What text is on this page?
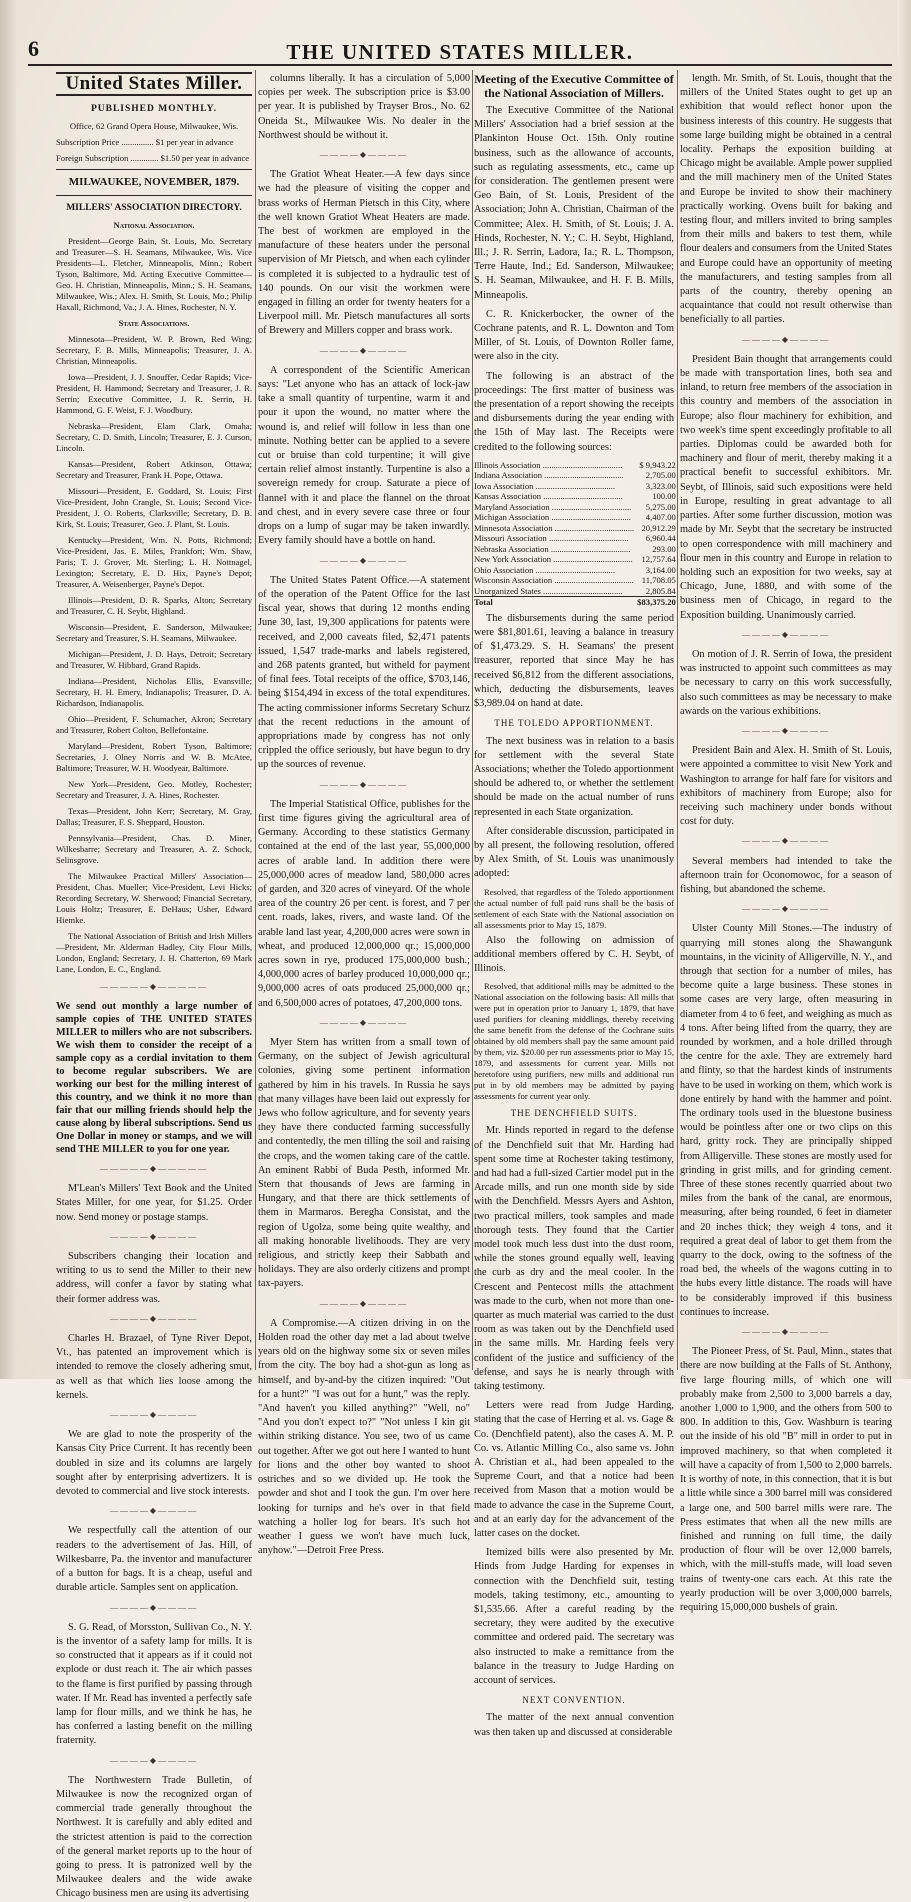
6	THE UNITED STATES MILLER.
United States Miller.

PUBLISHED MONTHLY.

Office, 62 Grand Opera House, Milwaukee, Wis.

Subscription Price ............... $1 per year in advance

Foreign Subscription ............. $1.50 per year in advance

MILWAUKEE, NOVEMBER, 1879.

MILLERS' ASSOCIATION DIRECTORY.

National Association.

President—George Bain, St. Louis, Mo. Secretary and Treasurer—S. H. Seamans, Milwaukee, Wis. Vice Presidents—L. Fletcher, Minneapolis, Minn.; Robert Tyson, Baltimore, Md. Acting Executive Committee—Geo. H. Christian, Minneapolis, Minn.; S. H. Seamans, Milwaukee, Wis.; Alex. H. Smith, St. Louis, Mo.; Philip Haxall, Richmond, Va.; J. A. Hines, Rochester, N. Y.

State Associations.

Minnesota—President, W. P. Brown, Red Wing; Secretary, F. B. Mills, Minneapolis; Treasurer, J. A. Christian, Minneapolis.

Iowa—President, J. J. Snouffer, Cedar Rapids; Vice-President, H. Hammond; Secretary and Treasurer, J. R. Serrin; Executive Committee, J. R. Serrin, H. Hammond, G. F. Weist, F. J. Woodbury.

Nebraska—President, Elam Clark, Omaha; Secretary, C. D. Smith, Lincoln; Treasurer, E. J. Curson, Lincoln.

Kansas—President, Robert Atkinson, Ottawa; Secretary and Treasurer, Frank H. Pope, Ottawa.

Missouri—President, E. Goddard, St. Louis; First Vice-President, John Crangle, St. Louis; Second Vice-President, J. O. Roberts, Clarksville; Secretary, D. B. Kirk, St. Louis; Treasurer, Geo. J. Plant, St. Louis.

Kentucky—President, Wm. N. Potts, Richmond; Vice-President, Jas. E. Miles, Frankfort; Wm. Shaw, Paris; T. J. Grover, Mt. Sterling; L. H. Nottnagel, Lexington; Secretary, E. D. Hix, Payne's Depot; Treasurer, A. Weisenberger, Payne's Depot.

Illinois—President, D. R. Sparks, Alton; Secretary and Treasurer, C. H. Seybt, Highland.

Wisconsin—President, E. Sanderson, Milwaukee; Secretary and Treasurer, S. H. Seamans, Milwaukee.

Michigan—President, J. D. Hays, Detroit; Secretary and Treasurer, W. Hibbard, Grand Rapids.

Indiana—President, Nicholas Ellis, Evansville; Secretary, H. H. Emery, Indianapolis; Treasurer, D. A. Richardson, Indianapolis.

Ohio—President, F. Schumacher, Akron; Secretary and Treasurer, Robert Colton, Bellefontaine.

Maryland—President, Robert Tyson, Baltimore; Secretaries, J. Olney Norris and W. B. McAtee, Baltimore; Treasurer, W. H. Woodyear, Baltimore.

New York—President, Geo. Motley, Rochester; Secretary and Treasurer, J. A. Hines, Rochester.

Texas—President, John Kerr; Secretary, M. Gray, Dallas; Treasurer, F. S. Sheppard, Houston.

Pennsylvania—President, Chas. D. Miner, Wilkesbarre; Secretary and Treasurer, A. Z. Schock, Selinsgrove.

The Milwaukee Practical Millers' Association—President, Chas. Mueller; Vice-President, Levi Hicks; Recording Secretary, W. Sherwood; Financial Secretary, Louis Holtz; Treasurer, E. DeHaus; Usher, Edward Hiemke.

The National Association of British and Irish Millers—President, Mr. Alderman Hadley, City Flour Mills, London, England; Secretary, J. H. Chatterton, 69 Mark Lane, London, E. C., England.

—————◆—————
We send out monthly a large number of sample copies of THE UNITED STATES MILLER to millers who are not subscribers. We wish them to consider the receipt of a sample copy as a cordial invitation to them to become regular subscribers. We are working our best for the milling interest of this country, and we think it no more than fair that our milling friends should help the cause along by liberal subscriptions. Send us One Dollar in money or stamps, and we will send THE MILLER to you for one year.
—————◆—————

M'Lean's Millers' Text Book and the United States Miller, for one year, for $1.25. Order now. Send money or postage stamps.

————◆————

Subscribers changing their location and writing to us to send the Miller to their new address, will confer a favor by stating what their former address was.

————◆————

Charles H. Brazael, of Tyne River Depot, Vt., has patented an improvement which is intended to remove the closely adhering smut, as well as that which lies loose among the kernels.

————◆————

We are glad to note the prosperity of the Kansas City Price Current. It has recently been doubled in size and its columns are largely sought after by enterprising advertizers. It is devoted to commercial and live stock interests.

————◆————

We respectfully call the attention of our readers to the advertisement of Jas. Hill, of Wilkesbarre, Pa. the inventor and manufacturer of a button for bags. It is a cheap, useful and durable article. Samples sent on application.

————◆————

S. G. Read, of Morsston, Sullivan Co., N. Y. is the inventor of a safety lamp for mills. It is so constructed that it appears as if it could not explode or dust reach it. The air which passes to the flame is first purified by passing through water. If Mr. Read has invented a perfectly safe lamp for flour mills, and we think he has, he has conferred a lasting benefit on the milling fraternity.

————◆————

The Northwestern Trade Bulletin, of Milwaukee is now the recognized organ of commercial trade generally throughout the Northwest. It is carefully and ably edited and the strictest attention is paid to the correction of the general market reports up to the hour of going to press. It is patronized well by the Milwaukee dealers and the wide awake Chicago business men are using its advertising

columns liberally. It has a circulation of 5,000 copies per week. The subscription price is $3.00 per year. It is published by Trayser Bros., No. 62 Oneida St., Milwaukee Wis. No dealer in the Northwest should be without it.

————◆————

The Gratiot Wheat Heater.—A few days since we had the pleasure of visiting the copper and brass works of Herman Pietsch in this City, where the well known Gratiot Wheat Heaters are made. The best of workmen are employed in the manufacture of these heaters under the personal supervision of Mr Pietsch, and when each cylinder is completed it is subjected to a hydraulic test of 140 pounds. On our visit the workmen were engaged in filling an order for twenty heaters for a Liverpool mill. Mr. Pietsch manufactures all sorts of Brewery and Millers copper and brass work.

————◆————

A correspondent of the Scientific American says: "Let anyone who has an attack of lock-jaw take a small quantity of turpentine, warm it and pour it upon the wound, no matter where the wound is, and relief will follow in less than one minute. Nothing better can be applied to a severe cut or bruise than cold turpentine; it will give certain relief almost instantly. Turpentine is also a sovereign remedy for croup. Saturate a piece of flannel with it and place the flannel on the throat and chest, and in every severe case three or four drops on a lump of sugar may be taken inwardly. Every family should have a bottle on hand.

————◆————

The United States Patent Office.—A statement of the operation of the Patent Office for the last fiscal year, shows that during 12 months ending June 30, last, 19,300 applications for patents were received, and 2,000 caveats filed, $2,471 patents issued, 1,547 trade-marks and labels registered, and 268 patents granted, but witheld for payment of final fees. Total receipts of the office, $703,146, being $154,494 in excess of the total expenditures. The acting commissioner informs Secretary Schurz that the recent reductions in the amount of appropriations made by congress has not only crippled the office seriously, but have begun to dry up the sources of revenue.

————◆————

The Imperial Statistical Office, publishes for the first time figures giving the agricultural area of Germany. According to these statistics Germany contained at the end of the last year, 55,000,000 acres of arable land. In addition there were 25,000,000 acres of meadow land, 580,000 acres of garden, and 320 acres of vineyard. Of the whole area of the country 26 per cent. is forest, and 7 per cent. roads, lakes, rivers, and waste land. Of the arable land last year, 4,200,000 acres were sown in wheat, and produced 12,000,000 qr.; 15,000,000 acres sown in rye, produced 175,000,000 bush.; 4,000,000 acres of barley produced 10,000,000 qr.; 9,000,000 acres of oats produced 25,000,000 qr.; and 6,500,000 acres of potatoes, 47,200,000 tons.

————◆————

Myer Stern has written from a small town of Germany, on the subject of Jewish agricultural colonies, giving some pertinent information gathered by him in his travels. In Russia he says that many villages have been laid out expressly for Jews who follow agriculture, and for seventy years they have there conducted farming successfully and contentedly, the men tilling the soil and raising the crops, and the women taking care of the cattle. An eminent Rabbi of Buda Pesth, informed Mr. Stern that thousands of Jews are farming in Hungary, and that there are thick settlements of them in Marmaros. Beregha Consistat, and the region of Ugolza, some being quite wealthy, and all making honorable livelihoods. They are very religious, and strictly keep their Sabbath and holidays. They are also orderly citizens and prompt tax-payers.

————◆————

A Compromise.—A citizen driving in on the Holden road the other day met a lad about twelve years old on the highway some six or seven miles from the city. The boy had a shot-gun as long as himself, and by-and-by the citizen inquired: "Out for a hunt?" "I was out for a hunt," was the reply. "And haven't you killed anything?" "Well, no" "And you don't expect to?" "Not unless I kin git within striking distance. You see, two of us came out together. After we got out here I wanted to hunt for lions and the other boy wanted to shoot ostriches and so we divided up. He took the powder and shot and I took the gun. I'm over here looking for turnips and he's over in that field watching a holler log for bears. It's such hot weather I guess we won't have much luck, anyhow."—Detroit Free Press.

Meeting of the Executive Committee of the National Association of Millers.

The Executive Committee of the National Millers' Association had a brief session at the Plankinton House Oct. 15th. Only routine business, such as the allowance of accounts, such as regulating assessments, etc., came up for consideration. The gentlemen present were Geo Bain, of St. Louis, President of the Association; John A. Christian, Chairman of the Committee; Alex. H. Smith, of St. Louis; J. A. Hinds, Rochester, N. Y.; C. H. Seybt, Highland, Ill.; J. R. Serrin, Ladora, Ia.; R. L. Thompson, Terre Haute, Ind.; Ed. Sanderson, Milwaukee; S. H. Seaman, Milwaukee, and H. F. B. Mills, Minneapolis.

C. R. Knickerbocker, the owner of the Cochrane patents, and R. L. Downton and Tom Miller, of St. Louis, of Downton Roller fame, were also in the city.

The following is an abstract of the proceedings: The first matter of business was the presentation of a report showing the receipts and disbursements during the year ending with the 15th of May last. The Receipts were credited to the following sources:

Illinois Association .....................................	$ 9,943.22
Indiana Association .....................................	2,705.00
Iowa Association .....................................	3,323.00
Kansas Association .....................................	100.00
Maryland Association .....................................	5,275.00
Michigan Association .....................................	4,407.00
Minnesota Association .....................................	20,912.29
Missouri Association .....................................	6,960.44
Nebraska Association .....................................	293.00
New York Association .....................................	12,757.64
Ohio Association .....................................	3,164.00
Wisconsin Association .....................................	11,708.05
Unorganized States .....................................	2,805.84
Total	$83,375.20

The disbursements during the same period were $81,801.61, leaving a balance in treasury of $1,473.29. S. H. Seamans' the present treasurer, reported that since May he has received $6,812 from the different associations, which, deducting the disbursements, leaves $3,989.04 on hand at date.

THE TOLEDO APPORTIONMENT.

The next business was in relation to a basis for settlement with the several State Associations; whether the Toledo apportionment should be adhered to, or whether the settlement should be made on the actual number of runs represented in each State organization.

After considerable discussion, participated in by all present, the following resolution, offered by Alex Smith, of St. Louis was unanimously adopted:

Resolved, that regardless of the Toledo apportionment the actual number of full paid runs shall be the basis of settlement of each State with the National association on all assessments prior to May 15, 1879.

Also the following on admission of additional members offered by C. H. Seybt, of Illinois.

Resolved, that additional mills may be admitted to the National association on the following basis: All mills that were put in operation prior to January 1, 1879, that have used purifiers for cleaning middlings, thereby receiving the same benefit from the defense of the Cochrane suits obtained by old members shall pay the same amount paid by them, viz. $20.00 per run assessments prior to May 15, 1879, and assessments for current year. Mills not heretofore using purifiers, new mills and additional run put in by old members may be admitted by paying assessments for current year only.

THE DENCHFIELD SUITS.

Mr. Hinds reported in regard to the defense of the Denchfield suit that Mr. Harding had spent some time at Rochester taking testimony, and had had a full-sized Cartier model put in the Arcade mills, and run one month side by side with the Denchfield. Messrs Ayers and Ashton, two practical millers, took samples and made thorough tests. They found that the Cartier model took much less dust into the dust room, while the stones ground equally well, leaving the curb as dry and the meal cooler. In the Crescent and Pentecost mills the attachment was made to the curb, when not more than one-quarter as much material was carried to the dust room as was taken out by the Denchfield used in the same mills. Mr. Harding feels very confident of the justice and sufficiency of the defense, and says he is nearly through with taking testimony.

Letters were read from Judge Harding, stating that the case of Herring et al. vs. Gage & Co. (Denchfield patent), also the cases A. M. P. Co. vs. Atlantic Milling Co., also same vs. John A. Christian et al., had been appealed to the Supreme Court, and that a notice had been received from Mason that a motion would be made to advance the case in the Supreme Court, and at an early day for the advancement of the latter cases on the docket.

Itemized bills were also presented by Mr. Hinds from Judge Harding for expenses in connection with the Denchfield suit, testing models, taking testimony, etc., amounting to $1,535.66. After a careful reading by the secretary, they were audited by the executive committee and ordered paid. The secretary was also instructed to make a remittance from the balance in the treasury to Judge Harding on account of services.

NEXT CONVENTION.

The matter of the next annual convention was then taken up and discussed at considerable

length. Mr. Smith, of St. Louis, thought that the millers of the United States ought to get up an exhibition that would reflect honor upon the business interests of this country. He suggests that some large building might be obtained in a central locality. Perhaps the exposition building at Chicago might be available. Ample power supplied and the mill machinery men of the United States and Europe be invited to show their machinery practically working. Ovens built for baking and testing flour, and millers invited to bring samples from their mills and bakers to test them, while flour dealers and consumers from the United States and Europe could have an opportunity of meeting the manufacturers, and testing samples from all parts of the country, thereby opening an acquaintance that could not result otherwise than beneficially to all parties.

————◆————

President Bain thought that arrangements could be made with transportation lines, both sea and inland, to return free members of the association in this country and members of the association in Europe; also flour machinery for exhibition, and two week's time spent exceedingly profitable to all parties. Diplomas could be awarded both for machinery and flour of merit, thereby making it a practical benefit to successful exhibitors. Mr. Seybt, of Illinois, said such expositions were held in Europe, resulting in great advantage to all parties. After some further discussion, motion was made by Mr. Seybt that the secretary be instructed to open correspondence with mill machinery and flour men in this country and Europe in relation to holding such an exposition for two weeks, say at Chicago, June, 1880, and with some of the business men of Chicago, in regard to the Exposition building. Unanimously carried.

————◆————

On motion of J. R. Serrin of Iowa, the president was instructed to appoint such committees as may be necessary to carry on this work successfully, also such committees as may be necessary to make awards on the various exhibitions.

————◆————

President Bain and Alex. H. Smith of St. Louis, were appointed a committee to visit New York and Washington to arrange for half fare for visitors and exhibitors of machinery from Europe; also for receiving such machinery under bonds without cost for duty.

————◆————

Several members had intended to take the afternoon train for Oconomowoc, for a season of fishing, but abandoned the scheme.

————◆————

Ulster County Mill Stones.—The industry of quarrying mill stones along the Shawangunk mountains, in the vicinity of Alligerville, N. Y., and through that section for a number of miles, has become quite a large business. These stones in some cases are very large, often measuring in diameter from 4 to 6 feet, and weighing as much as 4 tons. After being lifted from the quarry, they are rounded by workmen, and a hole drilled through the centre for the axle. They are extremely hard and flinty, so that the hardest kinds of instruments have to be used in working on them, which work is done entirely by hand with the hammer and point. The ordinary tools used in the bluestone business would be pointless after one or two clips on this hard, gritty rock. They are principally shipped from Alligerville. These stones are mostly used for grinding in grist mills, and for grinding cement. Three of these stones recently quarried about two miles from the bank of the canal, are enormous, measuring, after being rounded, 6 feet in diameter and 20 inches thick; they weigh 4 tons, and it required a great deal of labor to get them from the quarry to the dock, owing to the softness of the road bed, the wheels of the wagons cutting in to the hubs every little distance. The roads will have to be considerably improved if this business continues to increase.

————◆————

The Pioneer Press, of St. Paul, Minn., states that there are now building at the Falls of St. Anthony, five large flouring mills, of which one will probably make from 2,500 to 3,000 barrels a day, another 1,000 to 1,900, and the others from 500 to 800. In addition to this, Gov. Washburn is tearing out the inside of his old "B" mill in order to put in improved machinery, so that when completed it will have a capacity of from 1,500 to 2,000 barrels. It is worthy of note, in this connection, that it is but a little while since a 300 barrel mill was considered a large one, and 500 barrel mills were rare. The Press estimates that when all the new mills are finished and running on full time, the daily production of flour will be over 12,000 barrels, which, with the mill-stuffs made, will load seven trains of twenty-one cars each. At this rate the yearly production will be over 3,000,000 barrels, requiring 15,000,000 bushels of grain.
